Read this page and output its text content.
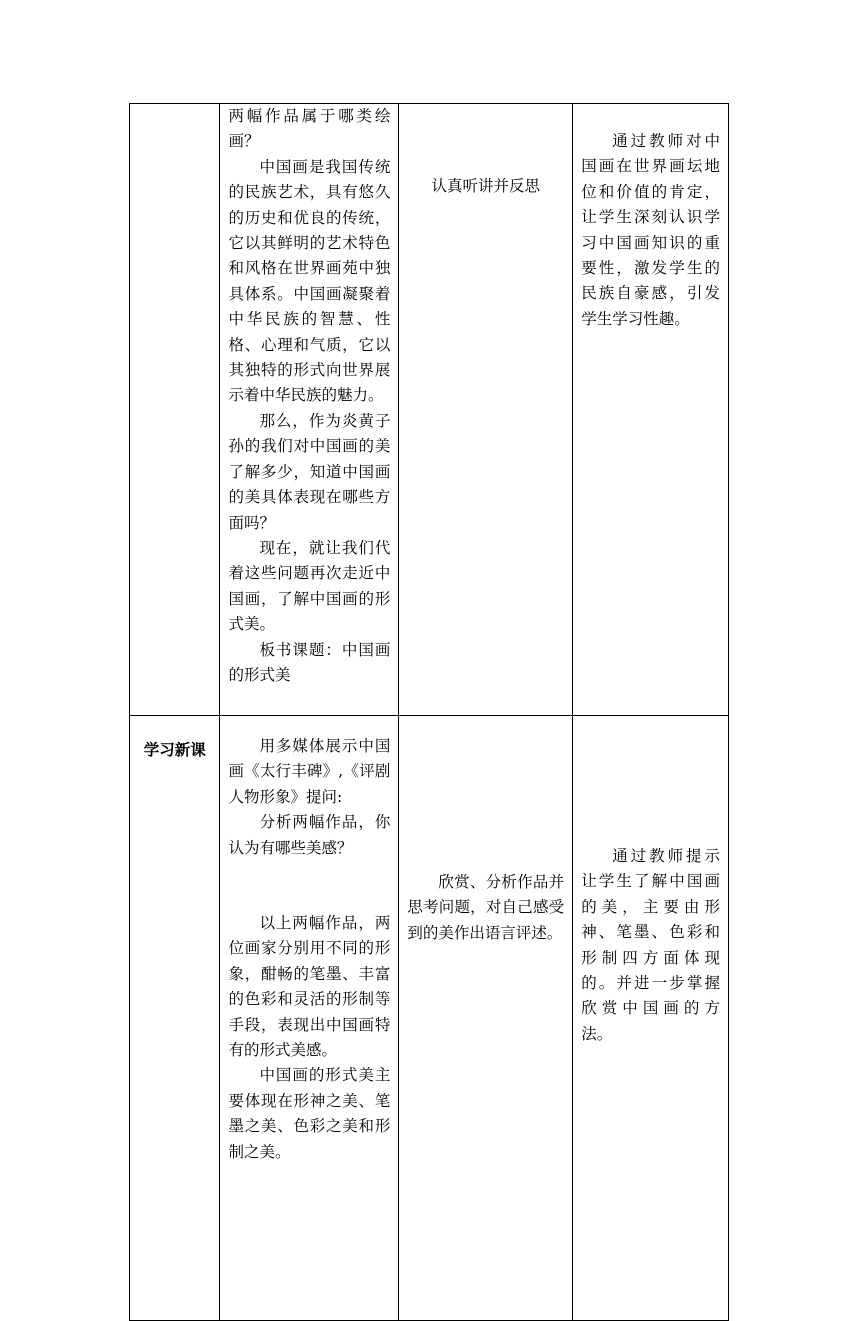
	两幅作品属于哪类绘画？

中国画是我国传统的民族艺术，具有悠久的历史和优良的传统，它以其鲜明的艺术特色和风格在世界画苑中独具体系。中国画凝聚着中华民族的智慧、性格、心理和气质，它以其独特的形式向世界展示着中华民族的魅力。

那么，作为炎黄子孙的我们对中国画的美了解多少，知道中国画的美具体表现在哪些方面吗？

现在，就让我们代着这些问题再次走近中国画，了解中国画的形式美。

板书课题：中国画的形式美	认真听讲并反思	通过教师对中国画在世界画坛地位和价值的肯定，让学生深刻认识学习中国画知识的重要性，激发学生的民族自豪感，引发学生学习性趣。

学习新课	用多媒体展示中国画《太行丰碑》,《评剧人物形象》提问:

分析两幅作品，你认为有哪些美感？

以上两幅作品，两位画家分别用不同的形象，酣畅的笔墨、丰富的色彩和灵活的形制等手段，表现出中国画特有的形式美感。

中国画的形式美主要体现在形神之美、笔墨之美、色彩之美和形制之美。	欣赏、分析作品并思考问题，对自己感受到的美作出语言评述。	通过教师提示让学生了解中国画的美，主要由形神、笔墨、色彩和形制四方面体现的。并进一步掌握欣赏中国画的方法。
